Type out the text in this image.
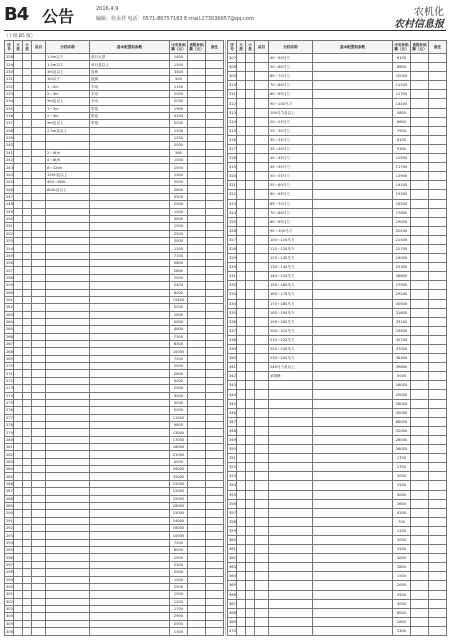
B4 公告	2016.4.9
编辑：侯永祥 电话：0571-86757163 E-mail:273036657@qq.com
农机化
农村信息报
（上接 B5 版）
序号	大类	小类	品目	分档名称	基本配置和参数	中央补贴额（元）	省级补贴额（元）	备注
228				1.5m以下	单行大型	1400		
229				1.5m以下	单行及以上	1500		
230				3m及以上	连栋	3500		
231				1m以下	振捣	500		
232				1～2m	手动	1150		
233				2～3m	手动	2050		
234				3m及以上	手动	2050		
235				1～2m	带卷	1900		
236				2～3m	带卷	4100		
237				3m及以上	带卷	5000		
238				2.5m及以上		1200		
239						1250		
240						5000		
241				2～4t/h		580		
242				4～8t/h		1000		
243				8～12t/h		1500		
244				12t/h及以上		1300		
245				400～600L		5000		
246				600L及以上		3600		
247						4500		
248						2000		
249						1000		
250						3800		
251						1500		
252						2500		
253						2000		
254						1200		
255						7700		
256						9800		
257						2800		
258						7000		
259						2400		
260						6000		
261						15400		
262						5000		
263						1800		
264						5000		
265						4000		
266						7300		
267						6300		
268						10000		
269						7500		
270						2000		
271						2600		
272						3000		
273						2000		
274						3000		
275						3000		
276						5000		
277						11000		
278						9800		
279						13000		
280						17000		
281						18000		
282						21000		
283						4000		
284						26000		
285						32000		
286						22000		
287						12000		
288						22000		
289						28000		
290						15000		
291						24000		
292						16000		
293						10000		
294						7500		
295						8000		
296						1500		
297						2300		
298						5000		
299						1000		
300						2500		
301						1500		
302						1200		
303						1700		
304						2900		
305						2000		
306						1300		
序号	大类	小类	品目	分档名称	基本配置和参数	中央补贴额（元）	省级补贴额（元）	备注
307				40～50马力		6100		
308				50～60马力		8800		
309				60～70马力		10000		
310				70～80马力		11200		
311				80～90马力		12700		
312				90～100马力		14100		
313				100马力及以上		5800		
314				20～25马力		6600		
315				25～30马力		7900		
316				30～35马力		8100		
317				35～40马力		9300		
318				40～45马力		10500		
319				45～50马力		11700		
320				50～55马力		12900		
321				55～60马力		14100		
322				60～65马力		15300		
323				65～70马力		16500		
324				70～80马力		17800		
325				80～90马力		19000		
326				90～100马力		20200		
327				100～110马力		21400		
328				110～120马力		22700		
329				120～130马力		24000		
330				130～140马力		25300		
331				140～150马力		26600		
332				150～160马力		27900		
333				160～170马力		29200		
334				170～180马力		30500		
335				180～190马力		31800		
336				190～200马力		33100		
337				200～210马力		34400		
338				210～220马力		35700		
339				220～230马力		37000		
340				230～240马力		38300		
341				240马力及以上		39600		
342				单排链		5000		
343						16000		
344						20000		
345						28000		
346						40000		
347						66000		
348						32000		
349						28000		
350						36000		
351						1700		
352						1700		
353						2000		
354						2500		
355						3000		
356						3600		
357						4200		
358						700		
359						1200		
360						2000		
361						1500		
362						3000		
363						2800		
364						1500		
365						2000		
366						2500		
367						3000		
368						6000		
369						2600		
370						1300		
